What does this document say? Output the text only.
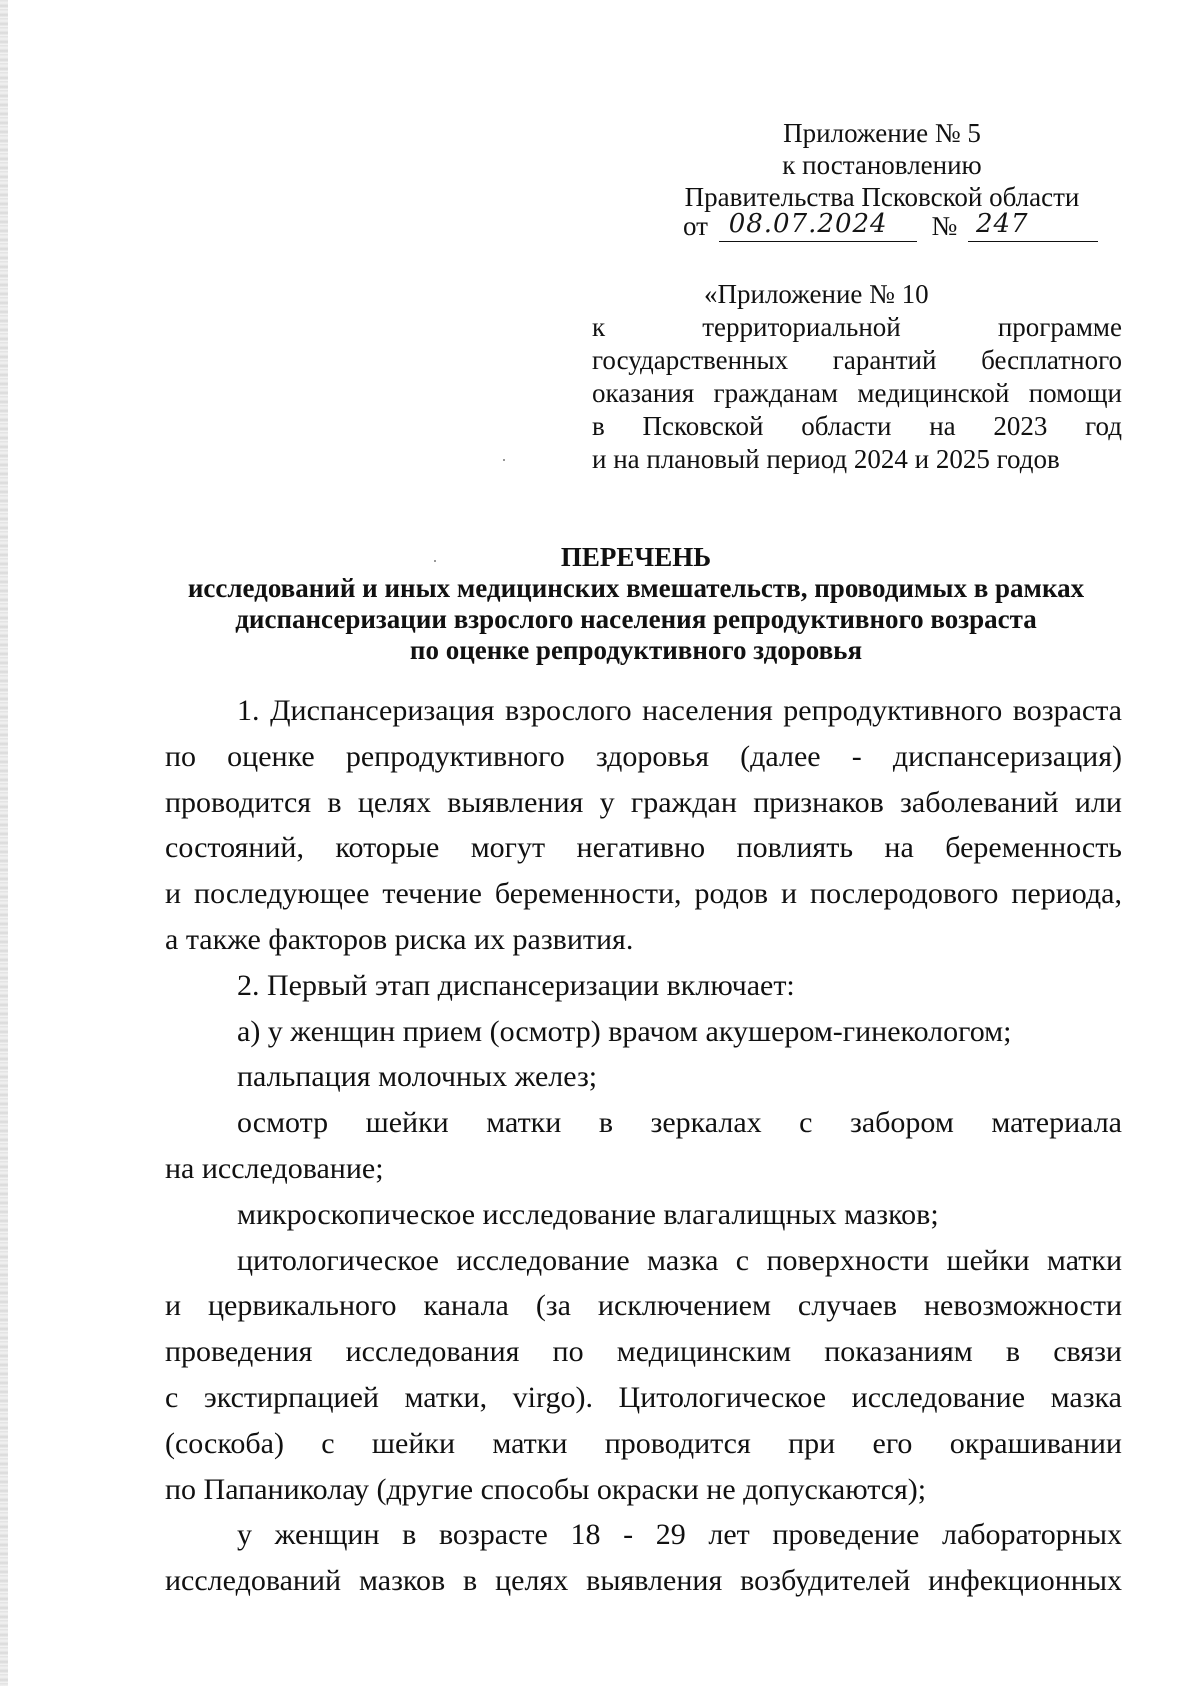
Приложение № 5
к постановлению
Правительства Псковской области
от 08.07.2024 № 247
«Приложение № 10
к территориальной программе
государственных гарантий бесплатного
оказания гражданам медицинской помощи
в Псковской области на 2023 год
и на плановый период 2024 и 2025 годов
ПЕРЕЧЕНЬ
исследований и иных медицинских вмешательств, проводимых в рамках
диспансеризации взрослого населения репродуктивного возраста
по оценке репродуктивного здоровья
1. Диспансеризация взрослого населения репродуктивного возраста
по оценке репродуктивного здоровья (далее - диспансеризация)
проводится в целях выявления у граждан признаков заболеваний или
состояний, которые могут негативно повлиять на беременность
и последующее течение беременности, родов и послеродового периода,
а также факторов риска их развития.
2. Первый этап диспансеризации включает:
а) у женщин прием (осмотр) врачом акушером-гинекологом;
пальпация молочных желез;
осмотр шейки матки в зеркалах с забором материала
на исследование;
микроскопическое исследование влагалищных мазков;
цитологическое исследование мазка с поверхности шейки матки
и цервикального канала (за исключением случаев невозможности
проведения исследования по медицинским показаниям в связи
с экстирпацией матки, virgo). Цитологическое исследование мазка
(соскоба) с шейки матки проводится при его окрашивании
по Папаниколау (другие способы окраски не допускаются);
у женщин в возрасте 18 - 29 лет проведение лабораторных
исследований мазков в целях выявления возбудителей инфекционных
